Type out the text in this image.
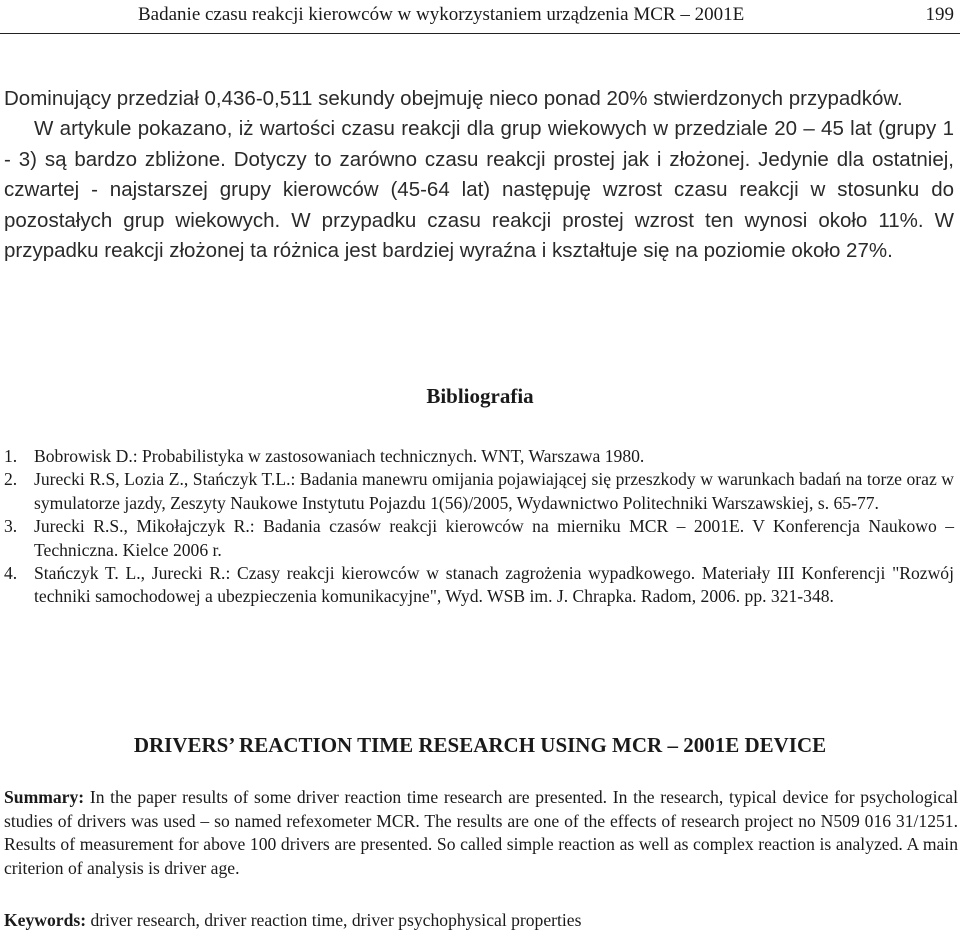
Badanie czasu reakcji kierowców w wykorzystaniem urządzenia MCR – 2001E	199

Dominujący przedział 0,436-0,511 sekundy obejmuję nieco ponad 20% stwierdzonych przypadków.

W artykule pokazano, iż wartości czasu reakcji dla grup wiekowych w przedziale 20 – 45 lat (grupy 1 - 3) są bardzo zbliżone. Dotyczy to zarówno czasu reakcji prostej jak i złożonej. Jedynie dla ostatniej, czwartej - najstarszej grupy kierowców (45-64 lat) następuję wzrost czasu reakcji w stosunku do pozostałych grup wiekowych. W przypadku czasu reakcji prostej wzrost ten wynosi około 11%. W przypadku reakcji złożonej ta różnica jest bardziej wyraźna i kształtuje się na poziomie około 27%.

Bibliografia
1. Bobrowisk D.: Probabilistyka w zastosowaniach technicznych. WNT, Warszawa 1980.
2. Jurecki R.S, Lozia Z., Stańczyk T.L.: Badania manewru omijania pojawiającej się przeszkody w warunkach badań na torze oraz w symulatorze jazdy, Zeszyty Naukowe Instytutu Pojazdu 1(56)/2005, Wydawnictwo Politechniki Warszawskiej, s. 65-77.
3. Jurecki R.S., Mikołajczyk R.: Badania czasów reakcji kierowców na mierniku MCR – 2001E. V Konferencja Naukowo – Techniczna. Kielce 2006 r.
4. Stańczyk T. L., Jurecki R.: Czasy reakcji kierowców w stanach zagrożenia wypadkowego. Materiały III Konferencji "Rozwój techniki samochodowej a ubezpieczenia komunikacyjne", Wyd. WSB im. J. Chrapka. Radom, 2006. pp. 321-348.
DRIVERS’ REACTION TIME RESEARCH USING MCR – 2001E DEVICE

Summary: In the paper results of some driver reaction time research are presented. In the research, typical device for psychological studies of drivers was used – so named refexometer MCR. The results are one of the effects of research project no N509 016 31/1251. Results of measurement for above 100 drivers are presented. So called simple reaction as well as complex reaction is analyzed. A main criterion of analysis is driver age.

Keywords: driver research, driver reaction time, driver psychophysical properties
